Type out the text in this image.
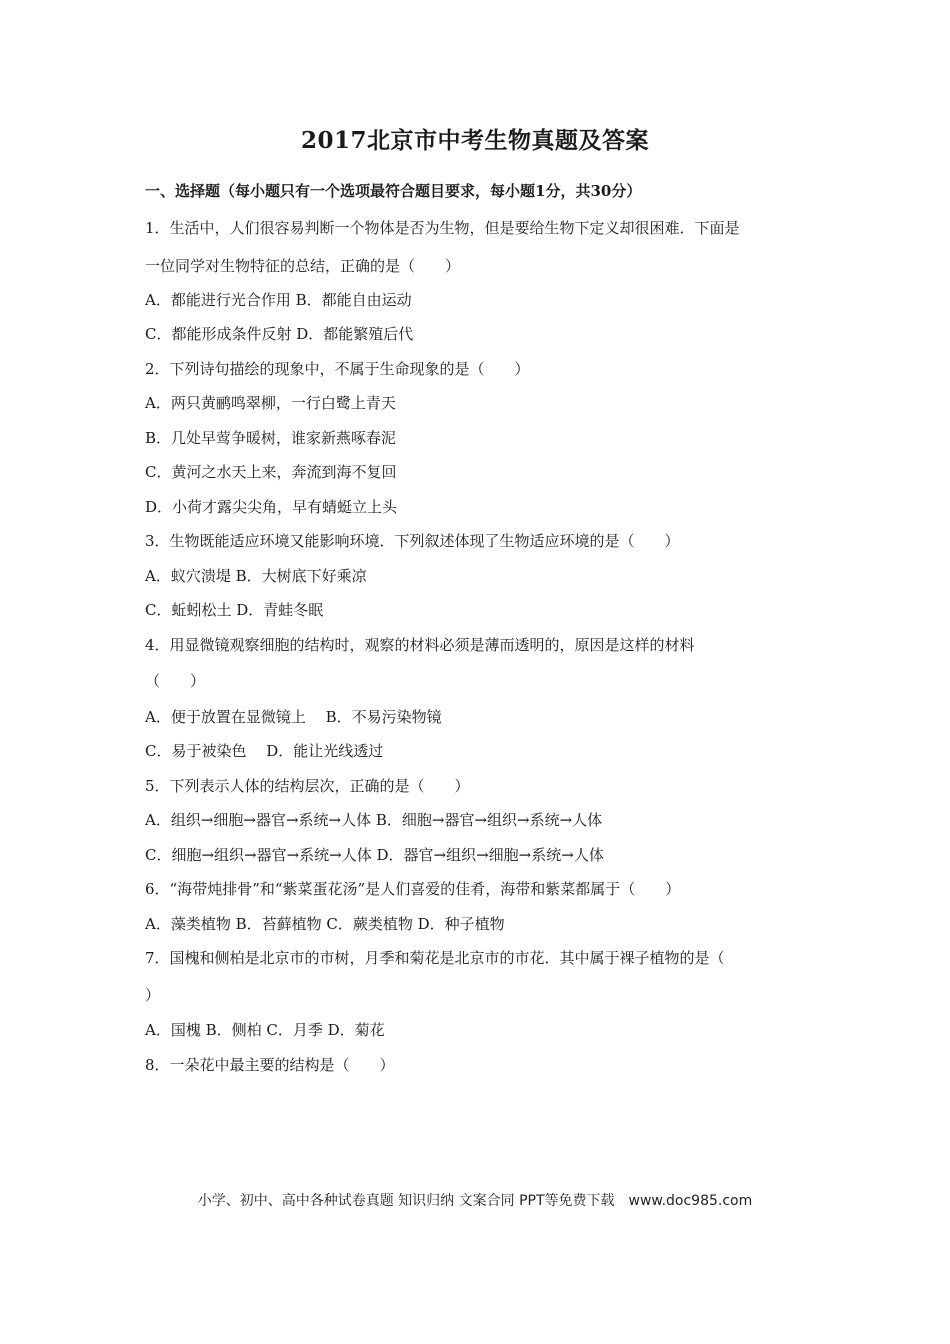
2017北京市中考生物真题及答案
一、选择题（每小题只有一个选项最符合题目要求，每小题1分，共30分）
1．生活中，人们很容易判断一个物体是否为生物，但是要给生物下定义却很困难．下面是
一位同学对生物特征的总结，正确的是（　　）
A．都能进行光合作用 B．都能自由运动
C．都能形成条件反射 D．都能繁殖后代
2．下列诗句描绘的现象中，不属于生命现象的是（　　）
A．两只黄鹂鸣翠柳，一行白鹭上青天
B．几处早莺争暖树，谁家新燕啄春泥
C．黄河之水天上来，奔流到海不复回
D．小荷才露尖尖角，早有蜻蜓立上头
3．生物既能适应环境又能影响环境．下列叙述体现了生物适应环境的是（　　）
A．蚁穴溃堤 B．大树底下好乘凉
C．蚯蚓松土 D．青蛙冬眠
4．用显微镜观察细胞的结构时，观察的材料必须是薄而透明的，原因是这样的材料
（　　）
A．便于放置在显微镜上　 B．不易污染物镜
C．易于被染色　 D．能让光线透过
5．下列表示人体的结构层次，正确的是（　　）
A．组织→细胞→器官→系统→人体 B．细胞→器官→组织→系统→人体
C．细胞→组织→器官→系统→人体 D．器官→组织→细胞→系统→人体
6．“海带炖排骨”和“紫菜蛋花汤”是人们喜爱的佳肴，海带和紫菜都属于（　　）
A．藻类植物 B．苔藓植物 C．蕨类植物 D．种子植物
7．国槐和侧柏是北京市的市树，月季和菊花是北京市的市花．其中属于裸子植物的是（
）
A．国槐 B．侧柏 C．月季 D．菊花
8．一朵花中最主要的结构是（　　）
小学、初中、高中各种试卷真题 知识归纳 文案合同 PPT等免费下载　www.doc985.com
